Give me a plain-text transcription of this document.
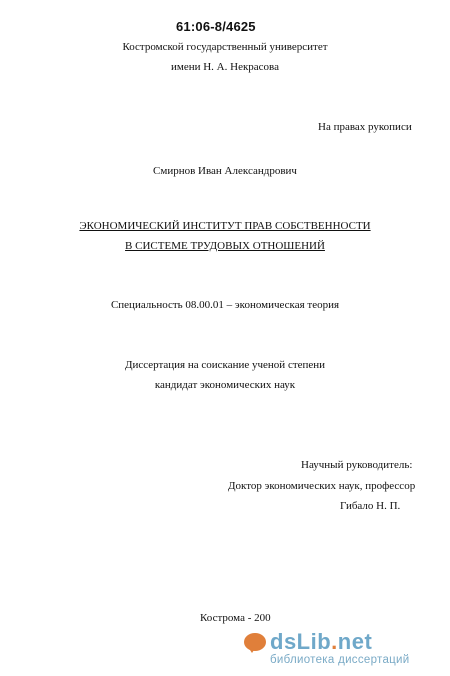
61:06-8/4625
Костромской государственный университет
имени Н. А. Некрасова
На правах рукописи
Смирнов Иван Александрович
ЭКОНОМИЧЕСКИЙ ИНСТИТУТ ПРАВ СОБСТВЕННОСТИ
В СИСТЕМЕ ТРУДОВЫХ ОТНОШЕНИЙ
Специальность 08.00.01 – экономическая теория
Диссертация на соискание ученой степени
кандидат экономических наук
Научный руководитель:
Доктор экономических наук, профессор
Гибало Н. П.
Кострома - 200
dsLib.net
библиотека диссертаций
